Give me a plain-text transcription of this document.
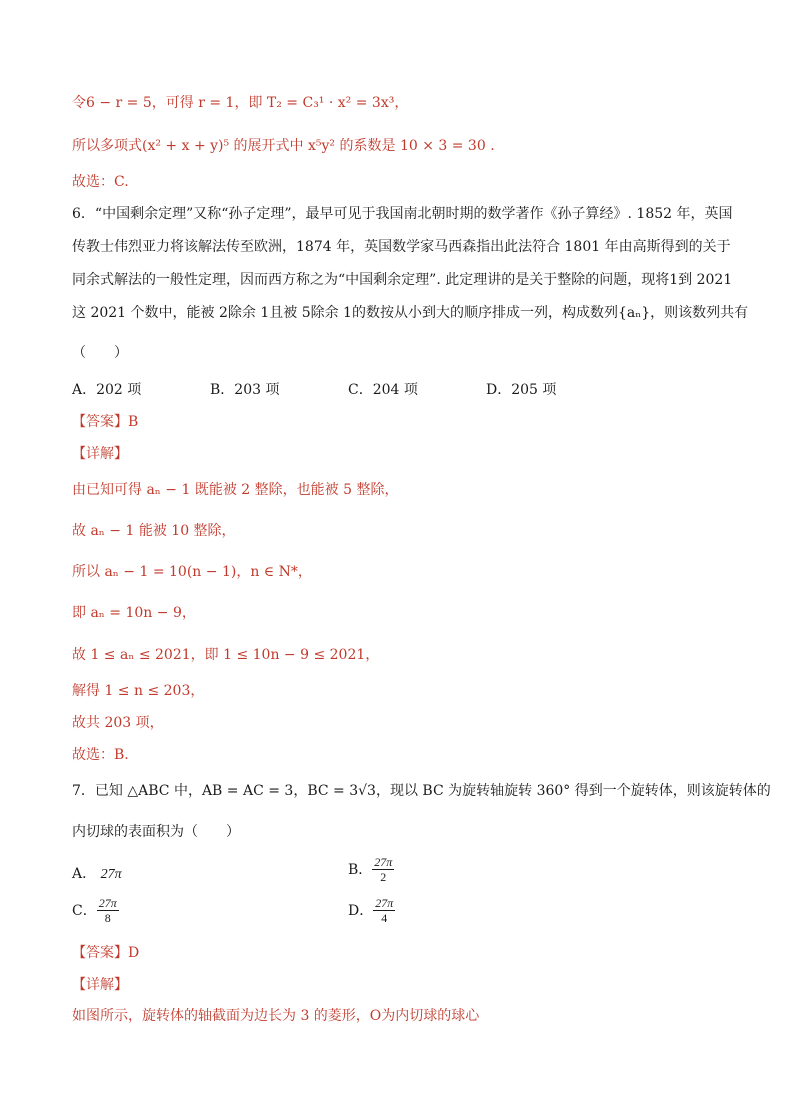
令6 − r = 5，可得 r = 1，即 T₂ = C₃¹ · x² = 3x³，
所以多项式(x² + x + y)⁵ 的展开式中 x⁵y² 的系数是 10 × 3 = 30 .
故选：C.
6．“中国剩余定理”又称“孙子定理”，最早可见于我国南北朝时期的数学著作《孙子算经》. 1852 年，英国
传教士伟烈亚力将该解法传至欧洲，1874 年，英国数学家马西森指出此法符合 1801 年由高斯得到的关于
同余式解法的一般性定理，因而西方称之为“中国剩余定理”. 此定理讲的是关于整除的问题，现将1到 2021
这 2021 个数中，能被 2除余 1且被 5除余 1的数按从小到大的顺序排成一列，构成数列{aₙ}，则该数列共有
（　　）
A．202 项	B．203 项	C．204 项	D．205 项
【答案】B
【详解】
由已知可得 aₙ − 1 既能被 2 整除，也能被 5 整除，
故 aₙ − 1 能被 10 整除，
所以 aₙ − 1 = 10(n − 1)，n ∈ N*，
即 aₙ = 10n − 9，
故 1 ≤ aₙ ≤ 2021，即 1 ≤ 10n − 9 ≤ 2021，
解得 1 ≤ n ≤ 203，
故共 203 项，
故选：B.
7．已知 △ABC 中，AB = AC = 3，BC = 3√3，现以 BC 为旋转轴旋转 360° 得到一个旋转体，则该旋转体的
内切球的表面积为（　　）
A． 27π	B． $\frac{27\pi}{2}$
C． $\frac{27\pi}{8}$	D． $\frac{27\pi}{4}$
【答案】D
【详解】
如图所示，旋转体的轴截面为边长为 3 的菱形，O为内切球的球心
